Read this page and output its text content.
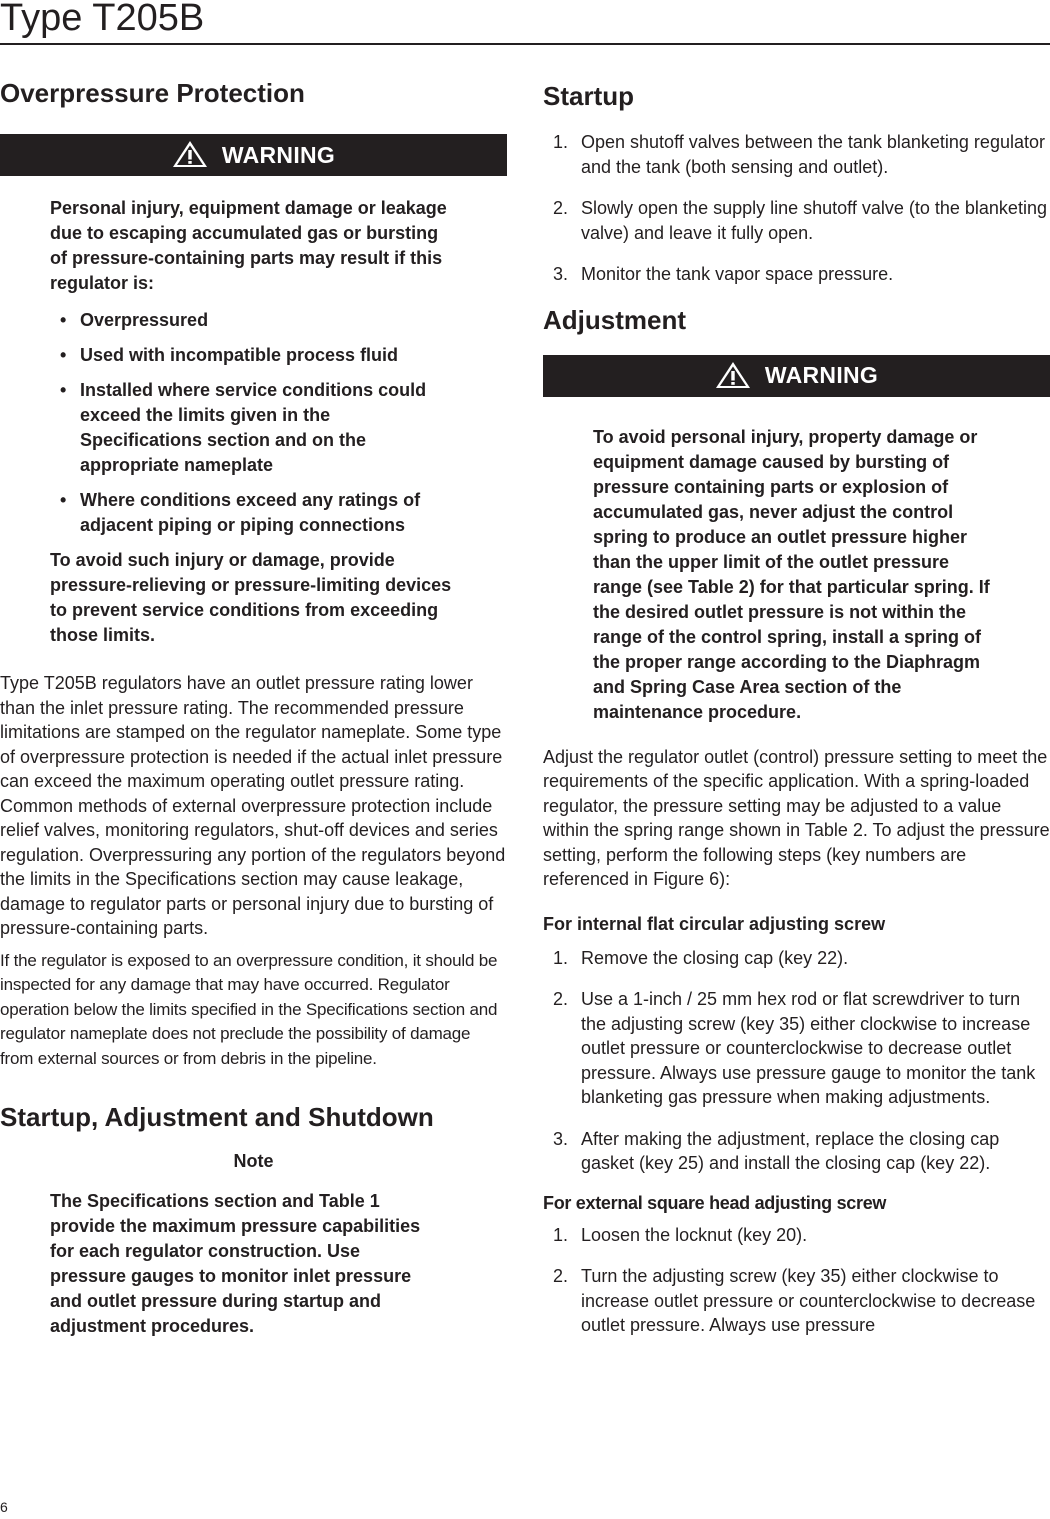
Type T205B
Overpressure Protection
WARNING

Personal injury, equipment damage or leakage due to escaping accumulated gas or bursting of pressure-containing parts may result if this regulator is:

• Overpressured
• Used with incompatible process fluid
• Installed where service conditions could exceed the limits given in the Specifications section and on the appropriate nameplate
• Where conditions exceed any ratings of adjacent piping or piping connections

To avoid such injury or damage, provide pressure-relieving or pressure-limiting devices to prevent service conditions from exceeding those limits.

Type T205B regulators have an outlet pressure rating lower than the inlet pressure rating. The recommended pressure limitations are stamped on the regulator nameplate. Some type of overpressure protection is needed if the actual inlet pressure can exceed the maximum operating outlet pressure rating. Common methods of external overpressure protection include relief valves, monitoring regulators, shut-off devices and series regulation. Overpressuring any portion of the regulators beyond the limits in the Specifications section may cause leakage, damage to regulator parts or personal injury due to bursting of pressure-containing parts.

If the regulator is exposed to an overpressure condition, it should be inspected for any damage that may have occurred. Regulator operation below the limits specified in the Specifications section and regulator nameplate does not preclude the possibility of damage from external sources or from debris in the pipeline.

Startup, Adjustment and Shutdown
Note

The Specifications section and Table 1 provide the maximum pressure capabilities for each regulator construction. Use pressure gauges to monitor inlet pressure and outlet pressure during startup and adjustment procedures.

Startup
1. Open shutoff valves between the tank blanketing regulator and the tank (both sensing and outlet).
2. Slowly open the supply line shutoff valve (to the blanketing valve) and leave it fully open.
3. Monitor the tank vapor space pressure.
Adjustment
WARNING

To avoid personal injury, property damage or equipment damage caused by bursting of pressure containing parts or explosion of accumulated gas, never adjust the control spring to produce an outlet pressure higher than the upper limit of the outlet pressure range (see Table 2) for that particular spring. If the desired outlet pressure is not within the range of the control spring, install a spring of the proper range according to the Diaphragm and Spring Case Area section of the maintenance procedure.

Adjust the regulator outlet (control) pressure setting to meet the requirements of the specific application. With a spring-loaded regulator, the pressure setting may be adjusted to a value within the spring range shown in Table 2. To adjust the pressure setting, perform the following steps (key numbers are referenced in Figure 6):

For internal flat circular adjusting screw
1. Remove the closing cap (key 22).
2. Use a 1-inch / 25 mm hex rod or flat screwdriver to turn the adjusting screw (key 35) either clockwise to increase outlet pressure or counterclockwise to decrease outlet pressure. Always use pressure gauge to monitor the tank blanketing gas pressure when making adjustments.
3. After making the adjustment, replace the closing cap gasket (key 25) and install the closing cap (key 22).
For external square head adjusting screw
1. Loosen the locknut (key 20).
2. Turn the adjusting screw (key 35) either clockwise to increase outlet pressure or counterclockwise to decrease outlet pressure. Always use pressure
6
